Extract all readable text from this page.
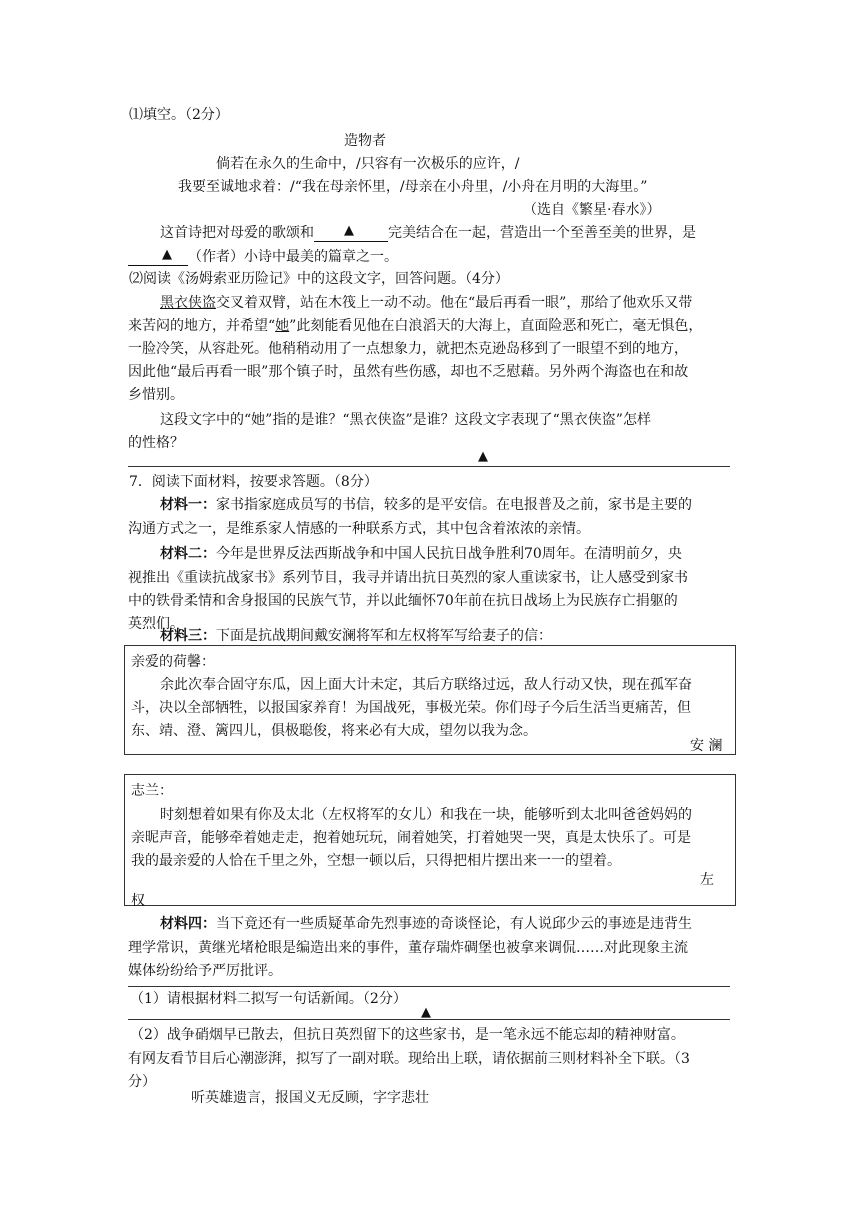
⑴填空。（2分）
造物者
倘若在永久的生命中，/只容有一次极乐的应许，/
我要至诚地求着：/“我在母亲怀里，/母亲在小舟里，/小舟在月明的大海里。”
（选自《繁星·春水》）
这首诗把对母爱的歌颂和 ▲ 完美结合在一起，营造出一个至善至美的世界，是
▲ （作者）小诗中最美的篇章之一。
⑵阅读《汤姆索亚历险记》中的这段文字，回答问题。（4分）
黑衣侠盗交叉着双臂，站在木筏上一动不动。他在“最后再看一眼”，那给了他欢乐又带
来苦闷的地方，并希望“她”此刻能看见他在白浪滔天的大海上，直面险恶和死亡，毫无惧色，
一脸冷笑，从容赴死。他稍稍动用了一点想象力，就把杰克逊岛移到了一眼望不到的地方，
因此他“最后再看一眼”那个镇子时，虽然有些伤感，却也不乏慰藉。另外两个海盗也在和故
乡惜别。
这段文字中的“她”指的是谁？“黑衣侠盗”是谁？这段文字表现了“黑衣侠盗”怎样
的性格？
▲
7．阅读下面材料，按要求答题。（8分）
材料一：家书指家庭成员写的书信，较多的是平安信。在电报普及之前，家书是主要的
沟通方式之一，是维系家人情感的一种联系方式，其中包含着浓浓的亲情。
材料二：今年是世界反法西斯战争和中国人民抗日战争胜利70周年。在清明前夕，央
视推出《重读抗战家书》系列节目，我寻并请出抗日英烈的家人重读家书，让人感受到家书
中的铁骨柔情和舍身报国的民族气节，并以此缅怀70年前在抗日战场上为民族存亡捐躯的
英烈们。
材料三：下面是抗战期间戴安澜将军和左权将军写给妻子的信：
亲爱的荷馨：
余此次奉合固守东瓜，因上面大计未定，其后方联络过远，敌人行动又快，现在孤军奋
斗，决以全部牺牲，以报国家养育！为国战死，事极光荣。你们母子今后生活当更痛苦，但
东、靖、澄、篱四儿，俱极聪俊，将来必有大成，望勿以我为念。
安 澜
志兰：
时刻想着如果有你及太北（左权将军的女儿）和我在一块，能够听到太北叫爸爸妈妈的
亲昵声音，能够牵着她走走，抱着她玩玩，闹着她笑，打着她哭一哭，真是太快乐了。可是
我的最亲爱的人恰在千里之外，空想一顿以后，只得把相片摆出来一一的望着。
左
权
材料四：当下竟还有一些质疑革命先烈事迹的奇谈怪论，有人说邱少云的事迹是违背生
理学常识，黄继光堵枪眼是编造出来的事件，董存瑞炸碉堡也被拿来调侃……对此现象主流
媒体纷纷给予严厉批评。
（1）请根据材料二拟写一句话新闻。（2分）
▲
（2）战争硝烟早已散去，但抗日英烈留下的这些家书，是一笔永远不能忘却的精神财富。
有网友看节目后心潮澎湃，拟写了一副对联。现给出上联，请依据前三则材料补全下联。（3
分）
听英雄遗言，报国义无反顾，字字悲壮
